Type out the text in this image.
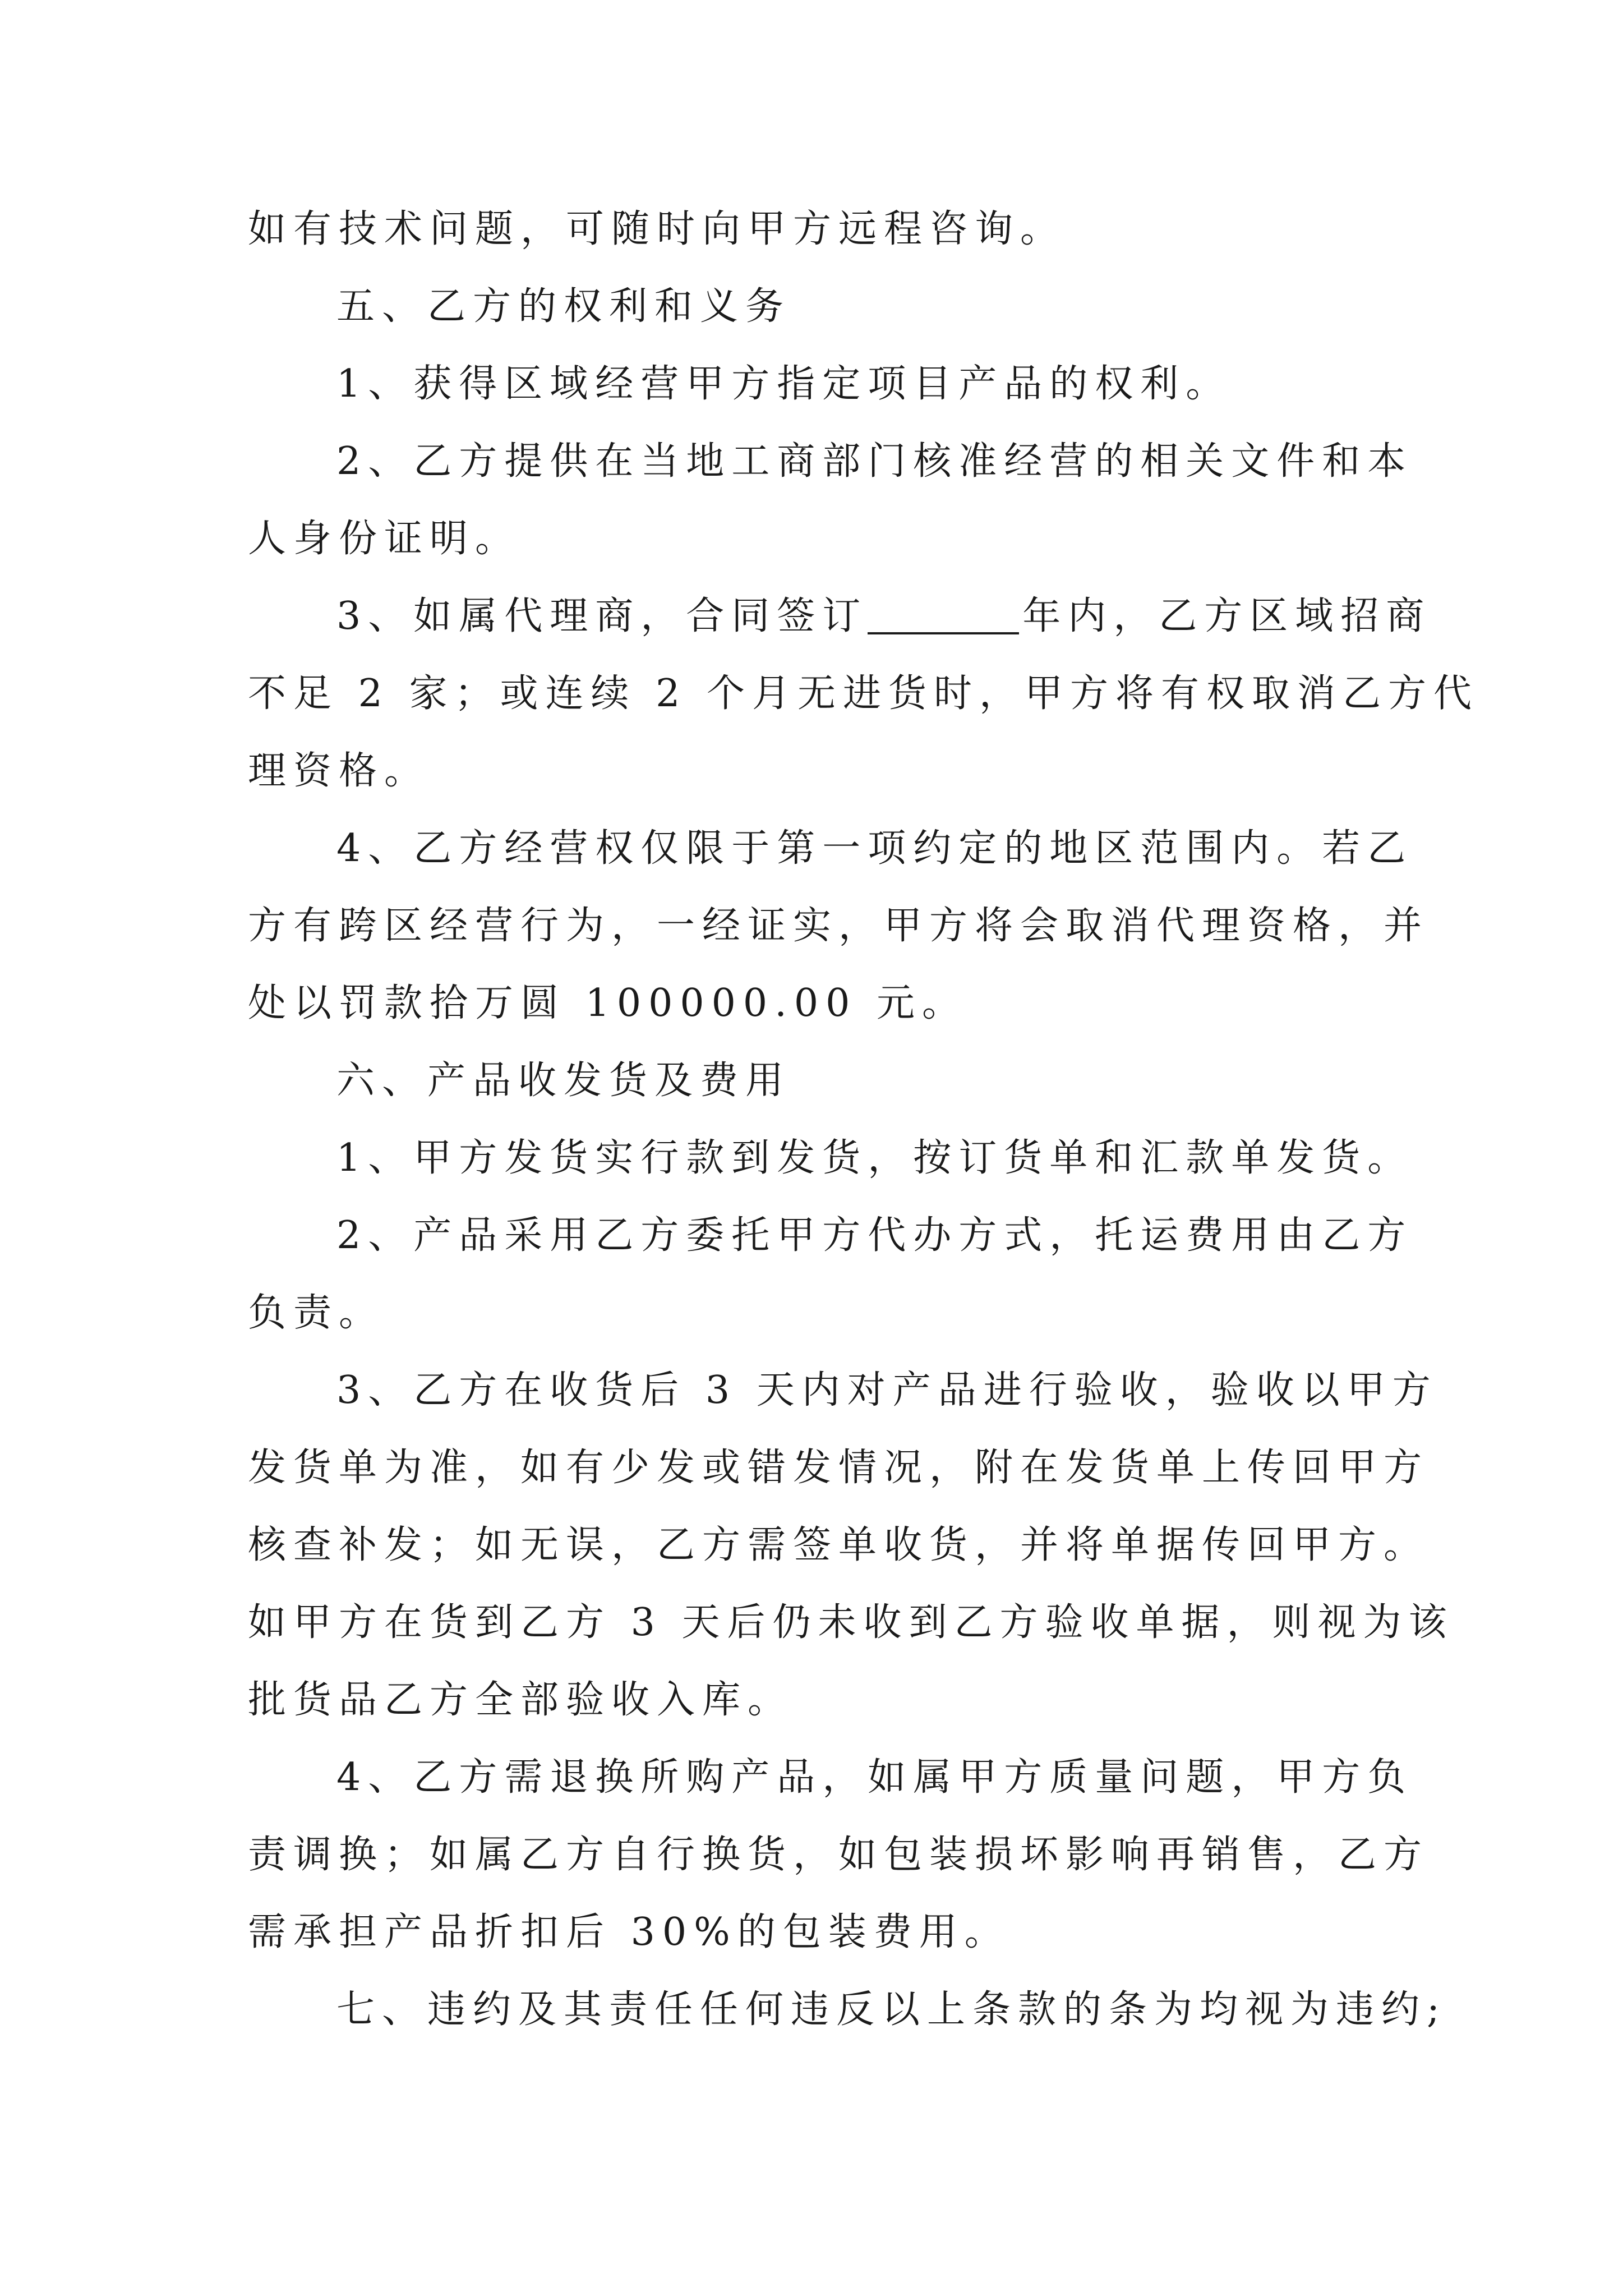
如有技术问题，可随时向甲方远程咨询。
五、乙方的权利和义务
1、获得区域经营甲方指定项目产品的权利。
2、乙方提供在当地工商部门核准经营的相关文件和本
人身份证明。
3、如属代理商，合同签订	年内，乙方区域招商
不足 2 家；或连续 2 个月无进货时，甲方将有权取消乙方代
理资格。
4、乙方经营权仅限于第一项约定的地区范围内。若乙
方有跨区经营行为，一经证实，甲方将会取消代理资格，并
处以罚款拾万圆 100000.00 元。
六、产品收发货及费用
1、甲方发货实行款到发货，按订货单和汇款单发货。
2、产品采用乙方委托甲方代办方式，托运费用由乙方
负责。
3、乙方在收货后 3 天内对产品进行验收，验收以甲方
发货单为准，如有少发或错发情况，附在发货单上传回甲方
核查补发；如无误，乙方需签单收货，并将单据传回甲方。
如甲方在货到乙方 3 天后仍未收到乙方验收单据，则视为该
批货品乙方全部验收入库。
4、乙方需退换所购产品，如属甲方质量问题，甲方负
责调换；如属乙方自行换货，如包装损坏影响再销售，乙方
需承担产品折扣后 30%的包装费用。
七、违约及其责任任何违反以上条款的条为均视为违约;
